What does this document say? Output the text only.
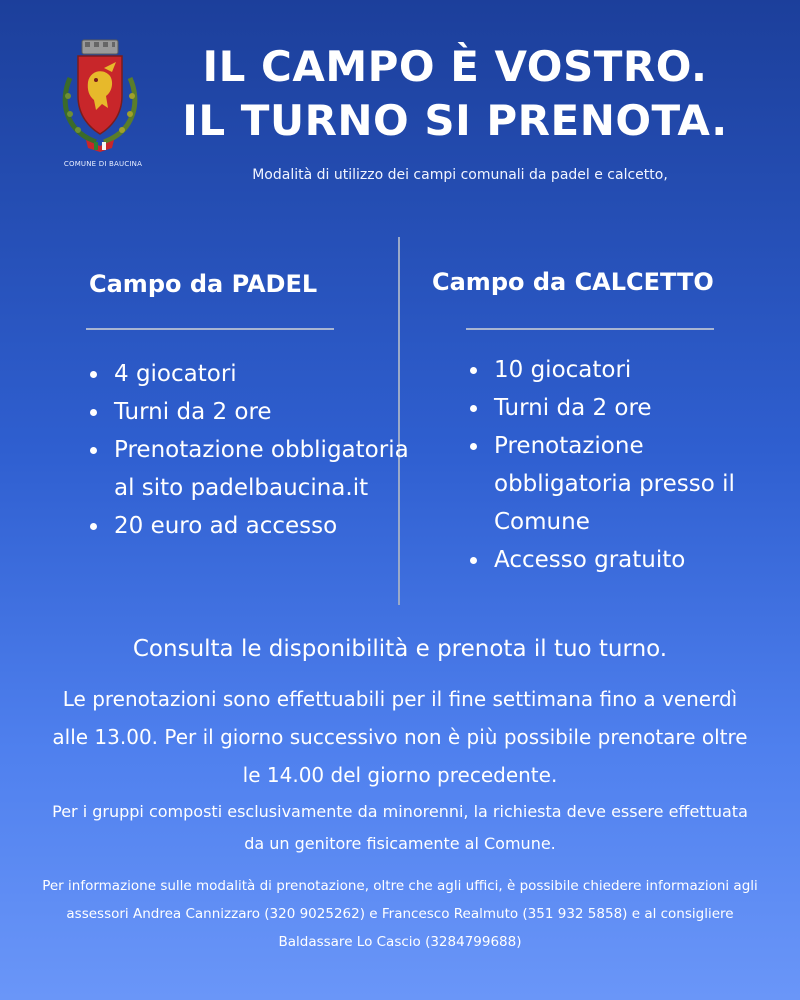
COMUNE DI BAUCINA
IL CAMPO È VOSTRO.
IL TURNO SI PRENOTA.
Modalità di utilizzo dei campi comunali da padel e calcetto,
Campo da PADEL
• 4 giocatori
• Turni da 2 ore
• Prenotazione obbligatoria al sito padelbaucina.it
• 20 euro ad accesso
Campo da CALCETTO
• 10 giocatori
• Turni da 2 ore
• Prenotazione obbligatoria presso il Comune
• Accesso gratuito
Consulta le disponibilità e prenota il tuo turno.
Le prenotazioni sono effettuabili per il fine settimana fino a venerdì alle 13.00. Per il giorno successivo non è più possibile prenotare oltre le 14.00 del giorno precedente.
Per i gruppi composti esclusivamente da minorenni, la richiesta deve essere effettuata da un genitore fisicamente al Comune.
Per informazione sulle modalità di prenotazione, oltre che agli uffici, è possibile chiedere informazioni agli assessori Andrea Cannizzaro (320 9025262) e Francesco Realmuto (351 932 5858) e al consigliere Baldassare Lo Cascio (3284799688)
